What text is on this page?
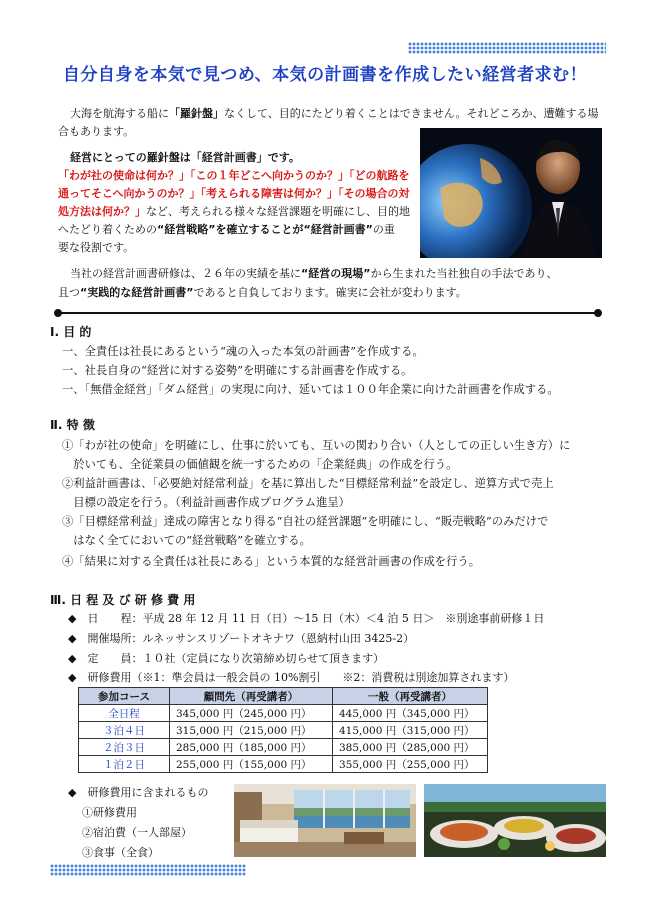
自分自身を本気で見つめ、本気の計画書を作成したい経営者求む！
大海を航海する船に「羅針盤」なくして、目的にたどり着くことはできません。それどころか、遭難する場
合もあります。
経営にとっての羅針盤は「経営計画書」です。
「わが社の使命は何か？」「この１年どこへ向かうのか？」「どの航路を
通ってそこへ向かうのか？」「考えられる障害は何か？」「その場合の対
処方法は何か？」など、考えられる様々な経営課題を明確にし、目的地
へたどり着くための“経営戦略”を確立することが“経営計画書”の重
要な役割です。
当社の経営計画書研修は、２６年の実績を基に“経営の現場”から生まれた当社独自の手法であり、
且つ“実践的な経営計画書”であると自負しております。確実に会社が変わります。
Ⅰ. 目 的
一、全責任は社長にあるという“魂の入った本気の計画書”を作成する。
一、社長自身の“経営に対する姿勢”を明確にする計画書を作成する。
一、「無借金経営」「ダム経営」の実現に向け、延いては１００年企業に向けた計画書を作成する。
Ⅱ. 特 徴
①「わが社の使命」を明確にし、仕事に於いても、互いの関わり合い（人としての正しい生き方）に
　於いても、全従業員の価値観を統一するための「企業経典」の作成を行う。
②利益計画書は、「必要絶対経常利益」を基に算出した“目標経常利益”を設定し、逆算方式で売上
　目標の設定を行う。（利益計画書作成プログラム進呈）
③「目標経常利益」達成の障害となり得る“自社の経営課題”を明確にし、“販売戦略”のみだけで
　はなく全てにおいての“経営戦略”を確立する。
④「結果に対する全責任は社長にある」という本質的な経営計画書の作成を行う。
Ⅲ. 日 程 及 び 研 修 費 用
◆　 日　　程：平成 28 年 12 月 11 日（日）～15 日（木）＜4 泊 5 日＞　※別途事前研修１日
◆　 開催場所：ルネッサンスリゾートオキナワ（恩納村山田 3425-2）
◆　 定　　員：１０社（定員になり次第締め切らせて頂きます）
◆　 研修費用（※1：準会員は一般会員の 10%割引　　※2：消費税は別途加算されます）
参加コース	顧問先（再受講者）	一般（再受講者）
全日程	345,000 円（245,000 円）	445,000 円（345,000 円）
３泊４日	315,000 円（215,000 円）	415,000 円（315,000 円）
２泊３日	285,000 円（185,000 円）	385,000 円（285,000 円）
１泊２日	255,000 円（155,000 円）	355,000 円（255,000 円）
◆　 研修費用に含まれるもの
①研修費用
②宿泊費（一人部屋）
③食事（全食）
